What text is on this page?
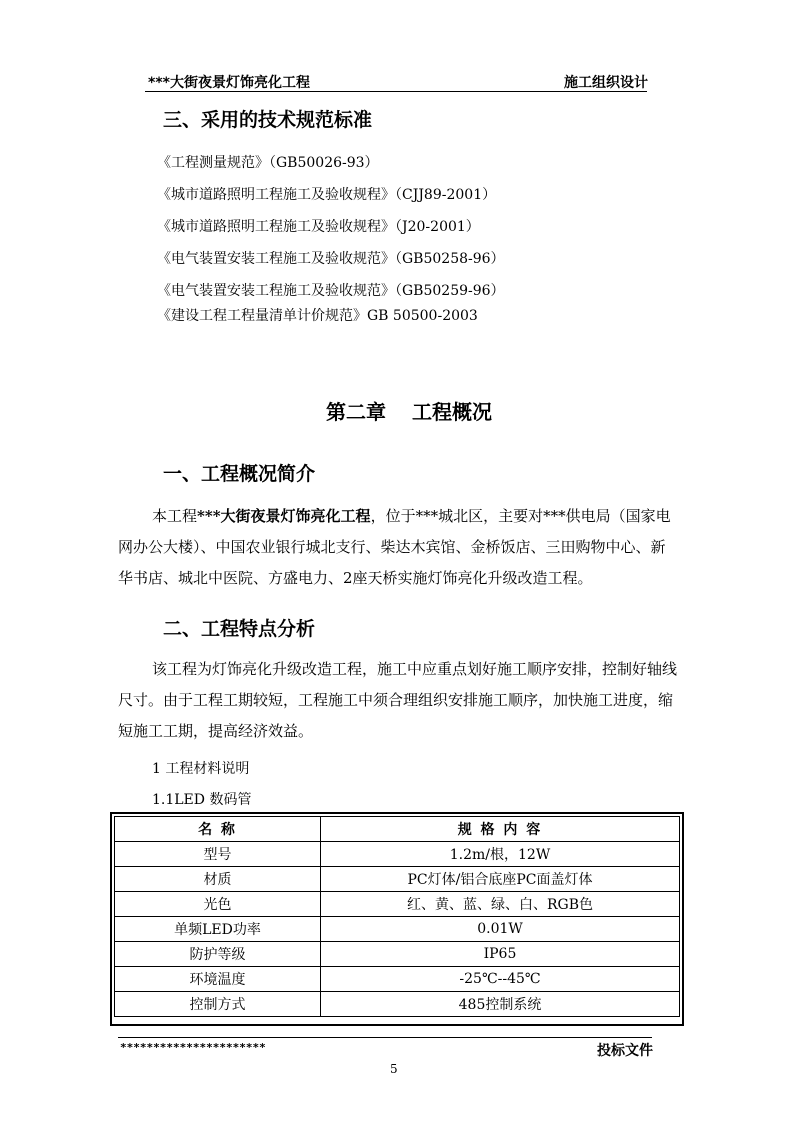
***大街夜景灯饰亮化工程	施工组织设计
三、采用的技术规范标准
《工程测量规范》（GB50026-93）
《城市道路照明工程施工及验收规程》（CJJ89-2001）
《城市道路照明工程施工及验收规程》（J20-2001）
《电气装置安装工程施工及验收规范》（GB50258-96）
《电气装置安装工程施工及验收规范》（GB50259-96）
《建设工程工程量清单计价规范》GB 50500-2003
第二章 工程概况
一、工程概况简介

本工程***大街夜景灯饰亮化工程，位于***城北区，主要对***供电局（国家电网办公大楼）、中国农业银行城北支行、柴达木宾馆、金桥饭店、三田购物中心、新华书店、城北中医院、方盛电力、2座天桥实施灯饰亮化升级改造工程。

二、工程特点分析

该工程为灯饰亮化升级改造工程，施工中应重点划好施工顺序安排，控制好轴线尺寸。由于工程工期较短，工程施工中须合理组织安排施工顺序，加快施工进度，缩短施工工期，提高经济效益。

1 工程材料说明
1.1LED 数码管
名 称	规 格 内 容
型号	1.2m/根，12W
材质	PC灯体/铝合底座PC面盖灯体
光色	红、黄、蓝、绿、白、RGB色
单频LED功率	0.01W
防护等级	IP65
环境温度	-25℃--45℃
控制方式	485控制系统
**********************	投标文件
5
